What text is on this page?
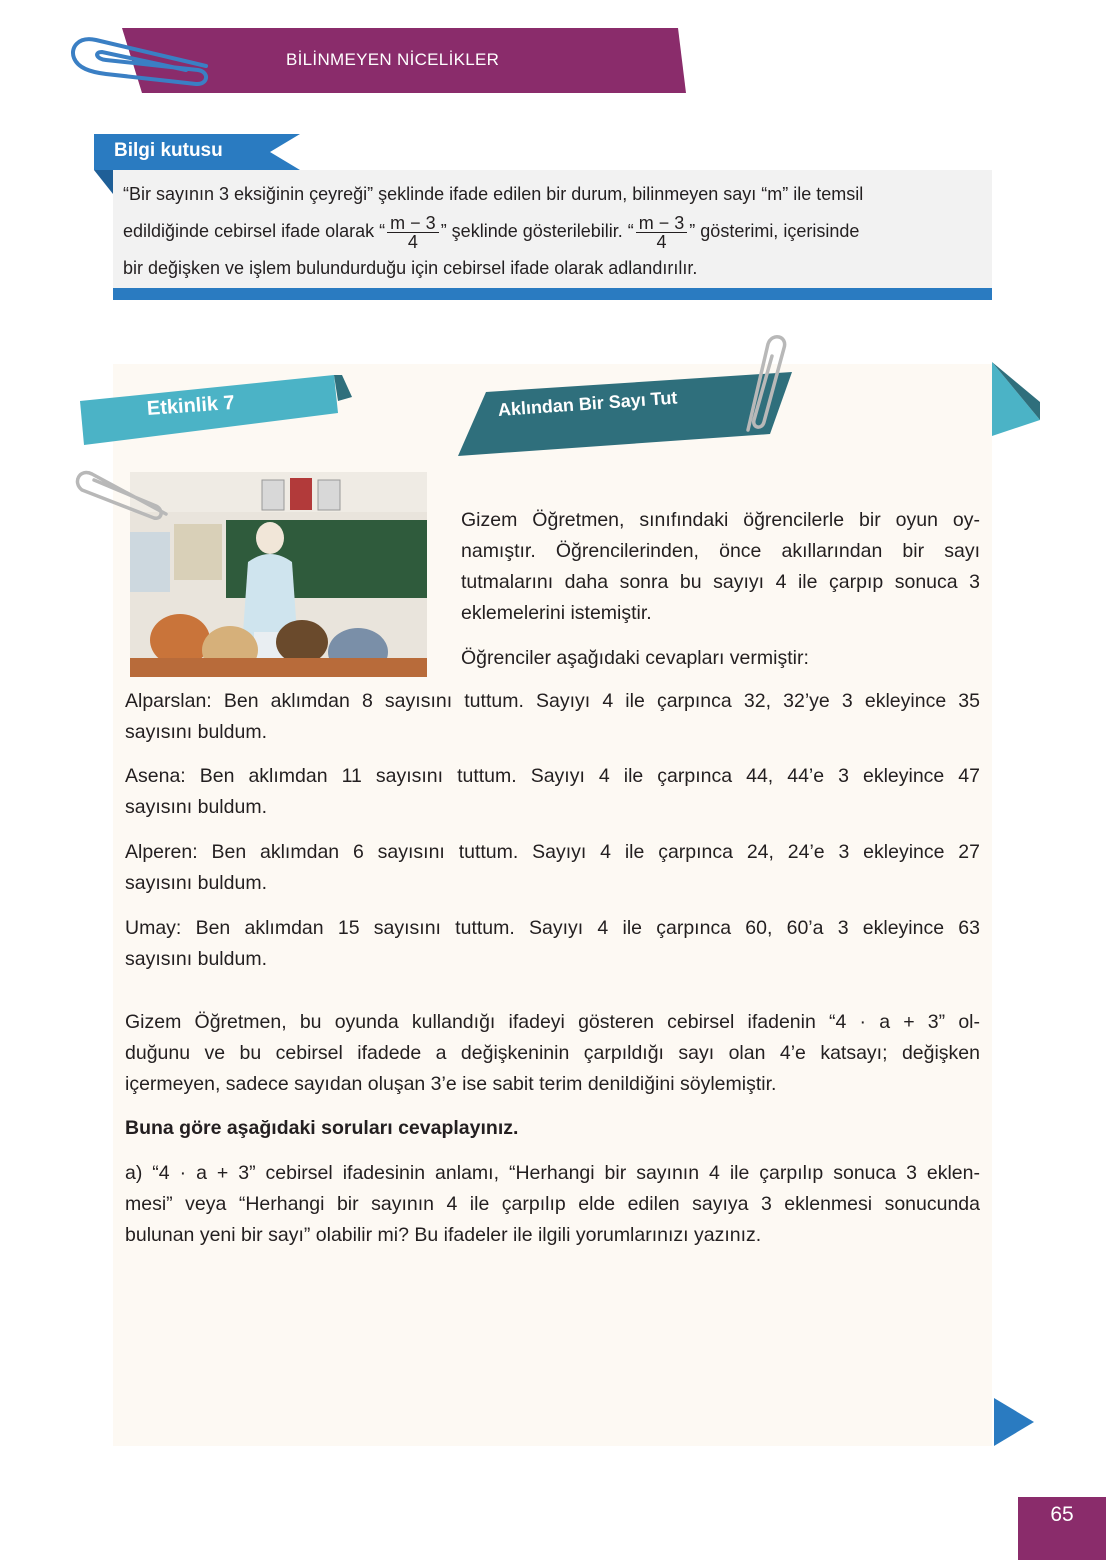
BİLİNMEYEN NİCELİKLER
Bilgi kutusu
“Bir sayının 3 eksiğinin çeyreği” şeklinde ifade edilen bir durum, bilinmeyen sayı “m” ile temsil
edildiğinde cebirsel ifade olarak “ $\frac{m - 3}{4}$ ” şeklinde gösterilebilir. “ $\frac{m - 3}{4}$ ” gösterimi, içerisinde
bir değişken ve işlem bulundurduğu için cebirsel ifade olarak adlandırılır.
Etkinlik 7	Aklından Bir Sayı Tut
Gizem Öğretmen, sınıfındaki öğrencilerle bir oyun oy-
namıştır. Öğrencilerinden, önce akıllarından bir sayı
tutmalarını daha sonra bu sayıyı 4 ile çarpıp sonuca 3
eklemelerini istemiştir.
Öğrenciler aşağıdaki cevapları vermiştir:
Alparslan: Ben aklımdan 8 sayısını tuttum. Sayıyı 4 ile çarpınca 32, 32’ye 3 ekleyince 35
sayısını buldum.
Asena: Ben aklımdan 11 sayısını tuttum. Sayıyı 4 ile çarpınca 44, 44’e 3 ekleyince 47
sayısını buldum.
Alperen: Ben aklımdan 6 sayısını tuttum. Sayıyı 4 ile çarpınca 24, 24’e 3 ekleyince 27
sayısını buldum.
Umay: Ben aklımdan 15 sayısını tuttum. Sayıyı 4 ile çarpınca 60, 60’a 3 ekleyince 63
sayısını buldum.
Gizem Öğretmen, bu oyunda kullandığı ifadeyi gösteren cebirsel ifadenin “4 · a + 3” ol-
duğunu ve bu cebirsel ifadede a değişkeninin çarpıldığı sayı olan 4’e katsayı; değişken
içermeyen, sadece sayıdan oluşan 3’e ise sabit terim denildiğini söylemiştir.
Buna göre aşağıdaki soruları cevaplayınız.
a) “4 · a + 3” cebirsel ifadesinin anlamı, “Herhangi bir sayının 4 ile çarpılıp sonuca 3 eklen-
mesi” veya “Herhangi bir sayının 4 ile çarpılıp elde edilen sayıya 3 eklenmesi sonucunda
bulunan yeni bir sayı” olabilir mi? Bu ifadeler ile ilgili yorumlarınızı yazınız.
65
